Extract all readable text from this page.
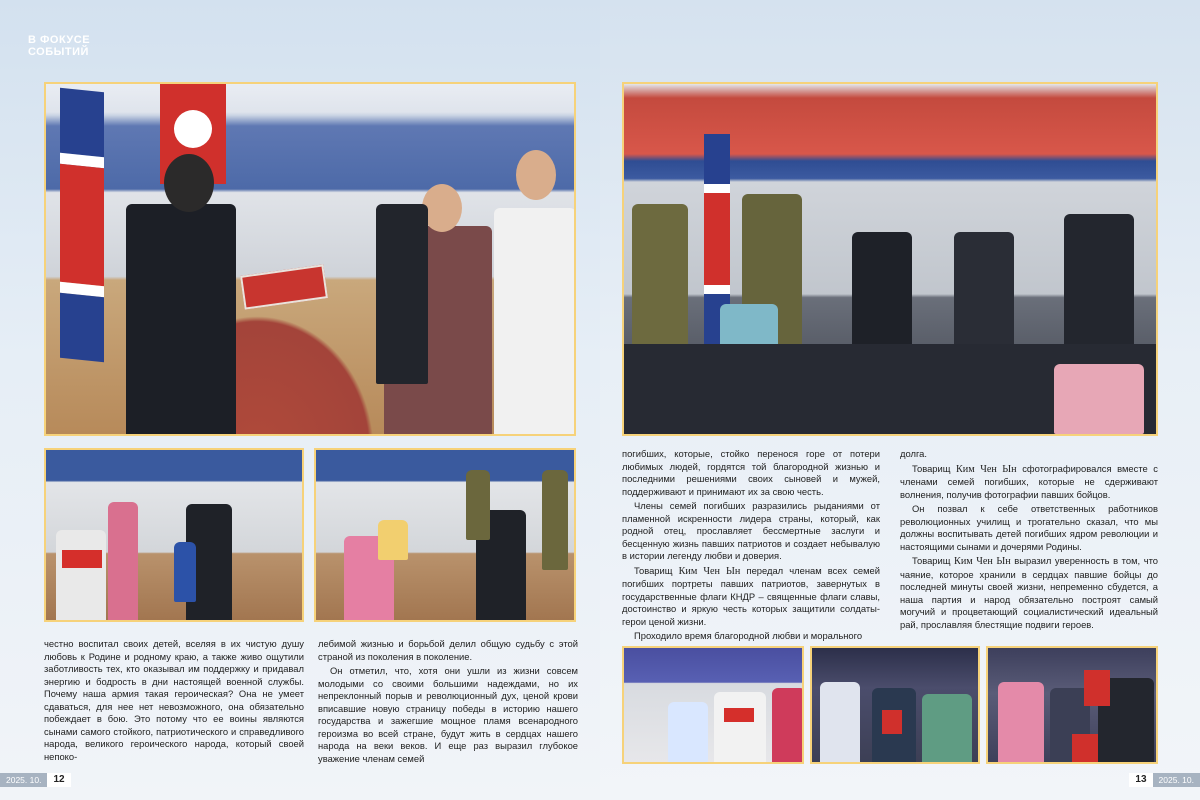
В ФОКУСЕ
СОБЫТИЙ

честно воспитал своих детей, вселяя в их чистую душу любовь к Родине и родному краю, а также живо ощутили заботливость тех, кто оказывал им поддержку и придавал энергию и бодрость в дни настоящей военной службы. Почему наша армия такая героическая? Она не умеет сдаваться, для нее нет невозможного, она обязательно побеждает в бою. Это потому что ее воины являются сынами самого стойкого, патриотического и справедливого народа, великого героического народа, который своей непоко-

лебимой жизнью и борьбой делил общую судьбу с этой страной из поколения в поколение.

Он отметил, что, хотя они ушли из жизни совсем молодыми со своими большими надеждами, но их непреклонный порыв и революционный дух, ценой крови вписавшие новую страницу победы в историю нашего государства и зажегшие мощное пламя всенародного героизма во всей стране, будут жить в сердцах нашего народа на веки веков. И еще раз выразил глубокое уважение членам семей

погибших, которые, стойко перенося горе от потери любимых людей, гордятся той благородной жизнью и последними решениями своих сыновей и мужей, поддерживают и принимают их за свою честь.

Члены семей погибших разразились рыданиями от пламенной искренности лидера страны, который, как родной отец, прославляет бессмертные заслуги и бесценную жизнь павших патриотов и создает небывалую в истории легенду любви и доверия.

Товарищ Ким Чен Ын передал членам всех семей погибших портреты павших патриотов, завернутых в государственные флаги КНДР – священные флаги славы, достоинство и яркую честь которых защитили солдаты-герои ценой жизни.

Проходило время благородной любви и морального

долга.

Товарищ Ким Чен Ын сфотографировался вместе с членами семей погибших, которые не сдерживают волнения, получив фотографии павших бойцов.

Он позвал к себе ответственных работников революционных училищ и трогательно сказал, что мы должны воспитывать детей погибших ядром революции и настоящими сынами и дочерями Родины.

Товарищ Ким Чен Ын выразил уверенность в том, что чаяние, которое хранили в сердцах павшие бойцы до последней минуты своей жизни, непременно сбудется, а наша партия и народ обязательно построят самый могучий и процветающий социалистический идеальный рай, прославляя блестящие подвиги героев.

2025. 10.	12	13	2025. 10.
